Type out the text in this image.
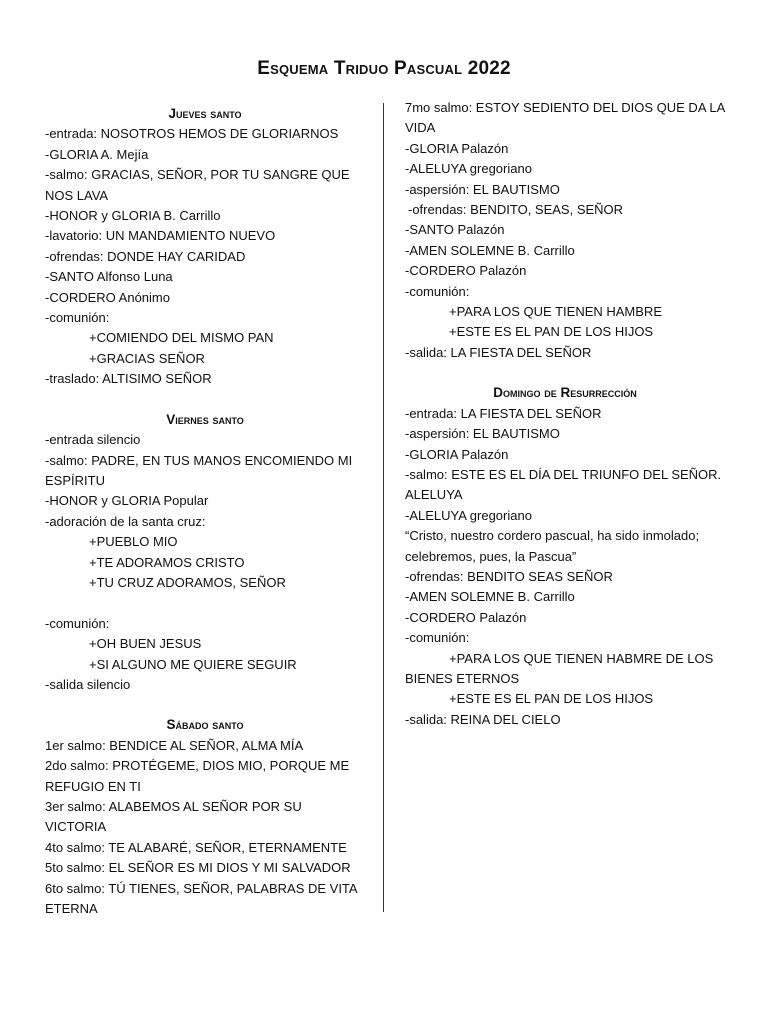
Esquema Triduo Pascual 2022
Jueves santo
-entrada: NOSOTROS HEMOS DE GLORIARNOS
-GLORIA A. Mejía
-salmo: GRACIAS, SEÑOR, POR TU SANGRE QUE NOS LAVA
-HONOR y GLORIA B. Carrillo
-lavatorio: UN MANDAMIENTO NUEVO
-ofrendas: DONDE HAY CARIDAD
-SANTO Alfonso Luna
-CORDERO Anónimo
-comunión:
+COMIENDO DEL MISMO PAN
+GRACIAS SEÑOR
-traslado: ALTISIMO SEÑOR
Viernes santo
-entrada silencio
-salmo: PADRE, EN TUS MANOS ENCOMIENDO MI ESPÍRITU
-HONOR y GLORIA Popular
-adoración de la santa cruz:
+PUEBLO MIO
+TE ADORAMOS CRISTO
+TU CRUZ ADORAMOS, SEÑOR
-comunión:
+OH BUEN JESUS
+SI ALGUNO ME QUIERE SEGUIR
-salida silencio
Sábado santo
1er salmo: BENDICE AL SEÑOR, ALMA MÍA
2do salmo: PROTÉGEME, DIOS MIO, PORQUE ME REFUGIO EN TI
3er salmo: ALABEMOS AL SEÑOR POR SU VICTORIA
4to salmo: TE ALABARÉ, SEÑOR, ETERNAMENTE
5to salmo: EL SEÑOR ES MI DIOS Y MI SALVADOR
6to salmo: TÚ TIENES, SEÑOR, PALABRAS DE VITA ETERNA
7mo salmo: ESTOY SEDIENTO DEL DIOS QUE DA LA VIDA
-GLORIA Palazón
-ALELUYA gregoriano
-aspersión: EL BAUTISMO
-ofrendas: BENDITO, SEAS, SEÑOR
-SANTO Palazón
-AMEN SOLEMNE B. Carrillo
-CORDERO Palazón
-comunión:
+PARA LOS QUE TIENEN HAMBRE
+ESTE ES EL PAN DE LOS HIJOS
-salida: LA FIESTA DEL SEÑOR
Domingo de Resurrección
-entrada: LA FIESTA DEL SEÑOR
-aspersión: EL BAUTISMO
-GLORIA Palazón
-salmo: ESTE ES EL DÍA DEL TRIUNFO DEL SEÑOR. ALELUYA
-ALELUYA gregoriano
“Cristo, nuestro cordero pascual, ha sido inmolado; celebremos, pues, la Pascua”
-ofrendas: BENDITO SEAS SEÑOR
-AMEN SOLEMNE B. Carrillo
-CORDERO Palazón
-comunión:
+PARA LOS QUE TIENEN HABMRE DE LOS BIENES ETERNOS
+ESTE ES EL PAN DE LOS HIJOS
-salida: REINA DEL CIELO
